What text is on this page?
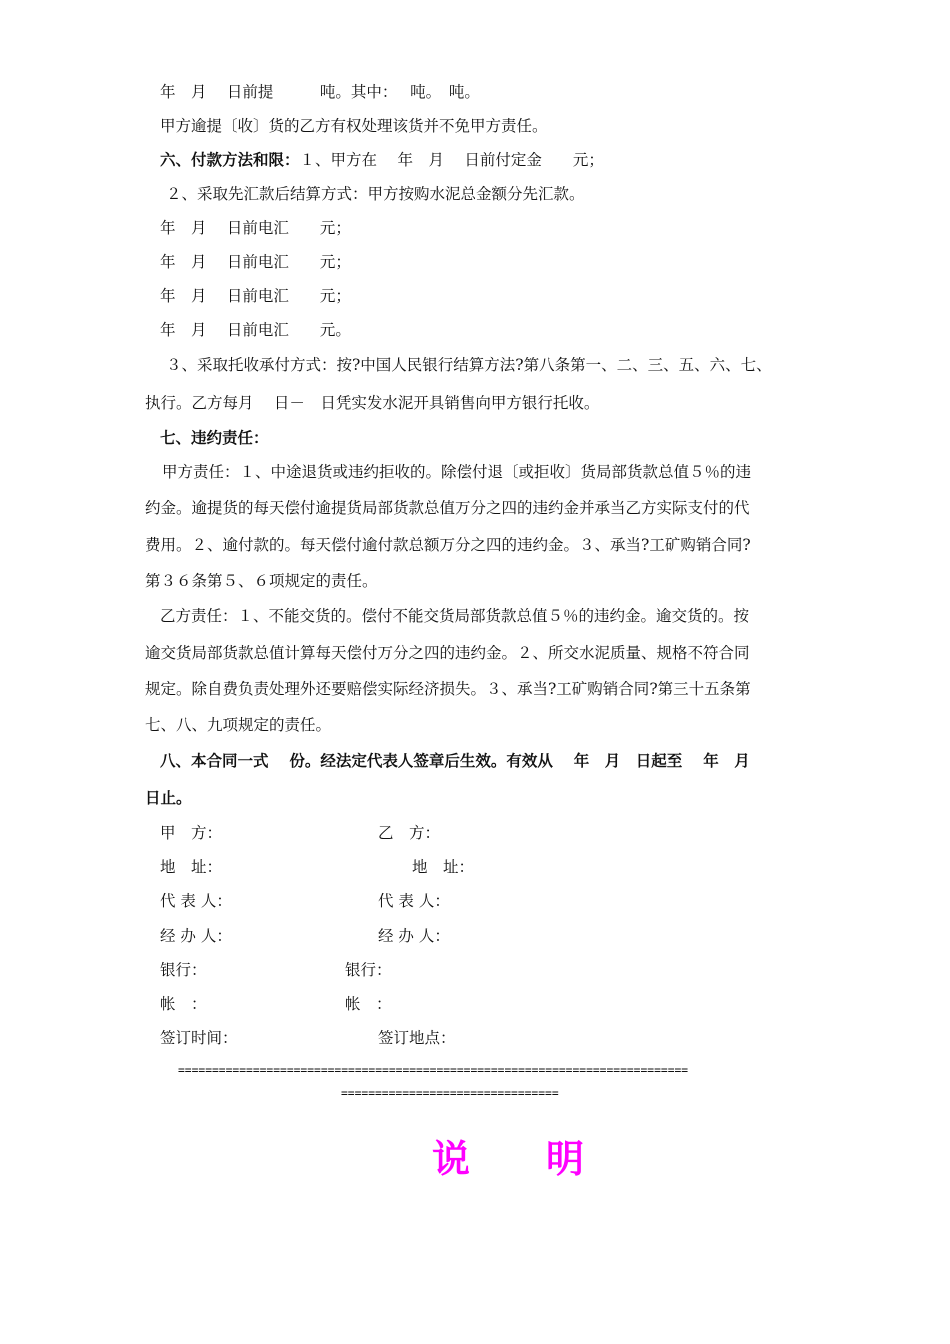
年　月　 日前提　　　吨。其中：　 吨。　吨。
甲方逾提〔收〕货的乙方有权处理该货并不免甲方责任。
六、付款方法和限：１、甲方在　 年　月　 日前付定金　　元；
２、采取先汇款后结算方式：甲方按购水泥总金额分先汇款。
年　月　 日前电汇　　元；
年　月　 日前电汇　　元；
年　月　 日前电汇　　元；
年　月　 日前电汇　　元。
３、采取托收承付方式：按?中国人民银行结算方法?第八条第一、二、三、五、六、七、
执行。乙方每月　 日－　日凭实发水泥开具销售向甲方银行托收。
七、违约责任：
甲方责任：１、中途退货或违约拒收的。除偿付退〔或拒收〕货局部货款总值５％的违
约金。逾提货的每天偿付逾提货局部货款总值万分之四的违约金并承当乙方实际支付的代
费用。２、逾付款的。每天偿付逾付款总额万分之四的违约金。３、承当?工矿购销合同?
第３６条第５、６项规定的责任。
乙方责任：１、不能交货的。偿付不能交货局部货款总值５％的违约金。逾交货的。按
逾交货局部货款总值计算每天偿付万分之四的违约金。２、所交水泥质量、规格不符合同
规定。除自费负责处理外还要赔偿实际经济损失。３、承当?工矿购销合同?第三十五条第
七、八、九项规定的责任。
八、本合同一式　 份。经法定代表人签章后生效。有效从　 年　月　日起至　 年　月
日止。
甲　方：	乙　方：
地　址：	地　址：
代 表 人：	代 表 人：
经 办 人：	经 办 人：
银行：	银行：
帐　：	帐　：
签订时间：	签订地点：
===========================================================================
================================
说　　明
